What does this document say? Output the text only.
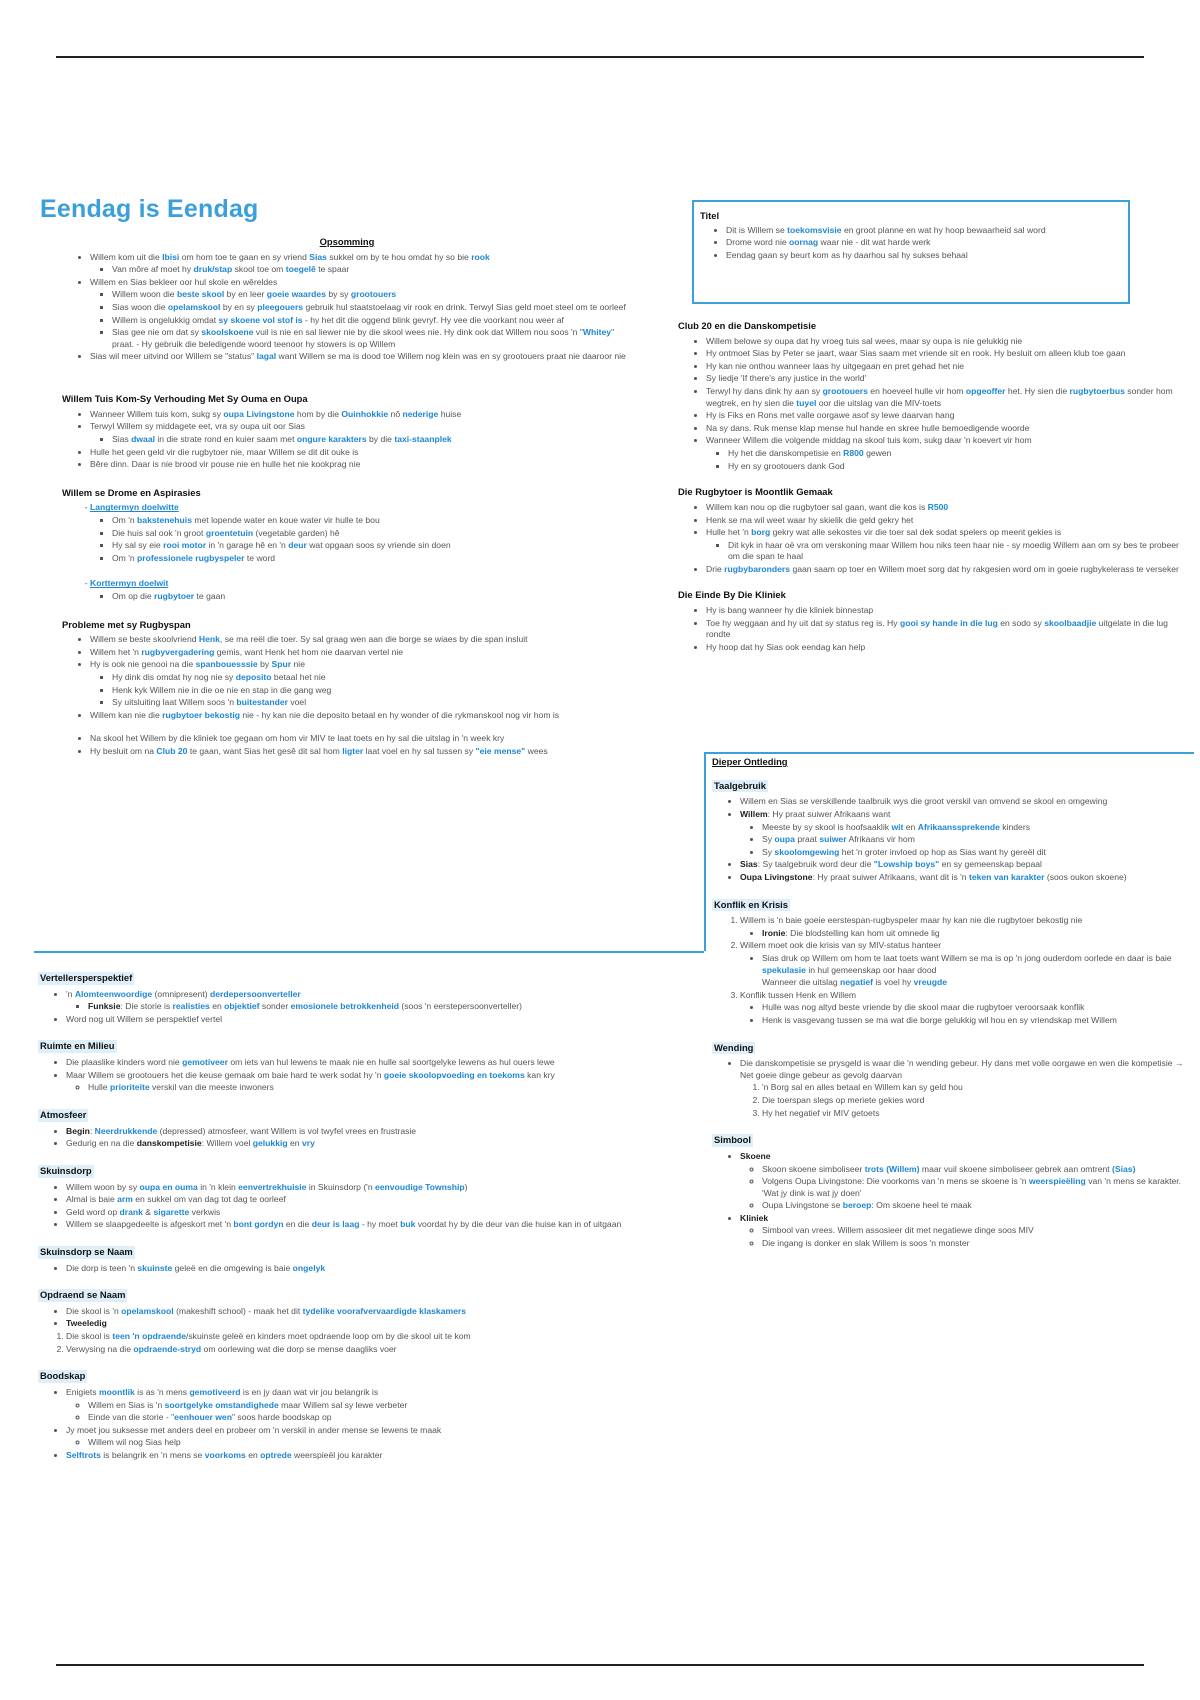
Eendag is Eendag
Opsomming
• Willem kom uit die Ibisi om hom toe te gaan en sy vriend Sias sukkel om by te hou omdat hy so bie rook
▪ Van môre af moet hy druk/stap skool toe om toegelê te spaar
• Willem en Sias bekleer oor hul skole en wêreldes
▪ Willem woon die beste skool by en leer goeie waardes by sy grootouers
▪ Sias woon die opelamskool by en sy pleegouers gebruik hul staatstoelaag vir rook en drink. Terwyl Sias geld moet steel om te oorleef
▪ Willem is ongelukkig omdat sy skoene vol stof is - hy het dit die oggend blink gevryf. Hy vee die voorkant nou weer af
▪ Sias gee nie om dat sy skoolskoene vuil is nie en sal liewer nie by die skool wees nie. Hy dink ook dat Willem nou soos 'n "Whitey" praat. - Hy gebruik die beledigende woord teenoor hy stowers is op Willem
• Sias wil meer uitvind oor Willem se "status" lagal want Willem se ma is dood toe Willem nog klein was en sy grootouers praat nie daaroor nie
Willem Tuis Kom-Sy Verhouding Met Sy Ouma en Oupa
• Wanneer Willem tuis kom, sukg sy oupa Livingstone hom by die Ouinhokkie nô nederige huise
• Terwyl Willem sy middagete eet, vra sy oupa uit oor Sias
▪ Sias dwaal in die strate rond en kuier saam met ongure karakters by die taxi-staanplek
• Hulle het geen geld vir die rugbytoer nie, maar Willem se dit dit ouke is
• Bêre dinn. Daar is nie brood vir pouse nie en hulle het nie kookprag nie
Willem se Drome en Aspirasies
- Langtermyn doelwitte
▪ Om 'n bakstenehuis met lopende water en koue water vir hulle te bou
▪ Die huis sal ook 'n groot groentetuin (vegetable garden) hê
▪ Hy sal sy eie rooi motor in 'n garage hê en 'n deur wat opgaan soos sy vriende sin doen
▪ Om 'n professionele rugbyspeler te word
- Korttermyn doelwit
▪ Om op die rugbytoer te gaan
Probleme met sy Rugbyspan
• Willem se beste skoolvriend Henk, se ma reël die toer. Sy sal graag wen aan die borge se wiaes by die span insluit
• Willem het 'n rugbyvergadering gemis, want Henk het hom nie daarvan vertel nie
• Hy is ook nie genooi na die spanbouesssie by Spur nie
▪ Hy dink dis omdat hy nog nie sy deposito betaal het nie
▪ Henk kyk Willem nie in die oe nie en stap in die gang weg
▪ Sy uitsluiting laat Willem soos 'n buitestander voel
• Willem kan nie die rugbytoer bekostig nie - hy kan nie die deposito betaal en hy wonder of die rykmanskool nog vir hom is
• Na skool het Willem by die kliniek toe gegaan om hom vir MIV te laat toets en hy sal die uitslag in 'n week kry
• Hy besluit om na Club 20 te gaan, want Sias het gesê dit sal hom ligter laat voel en hy sal tussen sy "eie mense" wees
Titel
• Dit is Willem se toekomsvisie en groot planne en wat hy hoop bewaarheid sal word
• Drome word nie oornag waar nie - dit wat harde werk
• Eendag gaan sy beurt kom as hy daarhou sal hy sukses behaal
Club 20 en die Danskompetisie
• Willem belowe sy oupa dat hy vroeg tuis sal wees, maar sy oupa is nie gelukkig nie
• Hy ontmoet Sias by Peter se jaart, waar Sias saam met vriende sit en rook. Hy besluit om alleen klub toe gaan
• Hy kan nie onthou wanneer laas hy uitgegaan en pret gehad het nie
• Sy liedje 'If there's any justice in the world'
• Terwyl hy dans dink hy aan sy grootouers en hoeveel hulle vir hom opgeoffer het. Hy sien die rugbytoerbus sonder hom wegtrek, en hy sien die tuyel oor die uitslag van die MIV-toets
• Hy is Fiks en Rons met valle oorgawe asof sy lewe daarvan hang
• Na sy dans. Ruk mense klap mense hul hande en skree hulle bemoedigende woorde
• Wanneer Willem die volgende middag na skool tuis kom, sukg daar 'n koevert vir hom
▪ Hy het die danskompetisie en R800 gewen
▪ Hy en sy grootouers dank God
Die Rugbytoer is Moontlik Gemaak
• Willem kan nou op die rugbytoer sal gaan, want die kos is R500
• Henk se ma wil weet waar hy skielik die geld gekry het
• Hulle het 'n borg gekry wat alle sekostes vir die toer sal dek sodat spelers op meent gekies is
▪ Dit kyk in haar oë vra om verskoning maar Willem hou niks teen haar nie - sy moedig Willem aan om sy bes te probeer om die span te haal
• Drie rugbybaronders gaan saam op toer en Willem moet sorg dat hy rakgesien word om in goeie rugbykelerass te verseker
Die Einde By Die Kliniek
• Hy is bang wanneer hy die kliniek binnestap
• Toe hy weggaan and hy uit dat sy status reg is. Hy gooi sy hande in die lug en sodo sy skoolbaadjie uitgelate in die lug rondte
• Hy hoop dat hy Sias ook eendag kan help
Dieper Ontleding
Taalgebruik
• Willem en Sias se verskillende taalbruik wys die groot verskil van omvend se skool en omgewing
• Willem: Hy praat suiwer Afrikaans want
• Meeste by sy skool is hoofsaaklik wit en Afrikaanssprekende kinders
• Sy oupa praat suiwer Afrikaans vir hom
• Sy skoolomgewing het 'n groter invloed op hop as Sias want hy gereël dit
• Sias: Sy taalgebruik word deur die "Lowship boys" en sy gemeenskap bepaal
• Oupa Livingstone: Hy praat suiwer Afrikaans, want dit is 'n teken van karakter (soos oukon skoene)
Konflik en Krisis
1. Willem is 'n baie goeie eerstespan-rugbyspeler maar hy kan nie die rugbytoer bekostig nie
• Ironie: Die blodstelling kan hom uit omnede lig
2. Willem moet ook die krisis van sy MIV-status hanteer
• Sias druk op Willem om hom te laat toets want Willem se ma is op 'n jong ouderdom oorlede en daar is baie spekulasie in hul gemeenskap oor haar dood
Wanneer die uitslag negatief is voel hy vreugde
3. Konflik tussen Henk en Willem
• Hulle was nog altyd beste vriende by die skool maar die rugbytoer veroorsaak konflik
• Henk is vasgevang tussen se ma wat die borge gelukkig wil hou en sy vriendskap met Willem
Wending
• Die danskompetisie se prysgeld is waar die 'n wending gebeur. Hy dans met volle oorgawe en wen die kompetisie → Net goeie dinge gebeur as gevolg daarvan
1. 'n Borg sal en alles betaal en Willem kan sy geld hou
2. Die toerspan slegs op meriete gekies word
3. Hy het negatief vir MIV getoets
Simbool
• Skoene
◦ Skoon skoene simboliseer trots (Willem) maar vuil skoene simboliseer gebrek aan omtrent (Sias)
◦ Volgens Oupa Livingstone: Die voorkoms van 'n mens se skoene is 'n weerspieëling van 'n mens se karakter. 'Wat jy dink is wat jy doen'
◦ Oupa Livingstone se beroep: Om skoene heel te maak
• Kliniek
◦ Simbool van vrees. Willem assosieer dit met negatiewe dinge soos MIV
◦ Die ingang is donker en slak Willem is soos 'n monster
Vertellersperspektief
• 'n Alomteenwoordige (omnipresent) derdepersoonverteller
▪ Funksie: Die storie is realisties en objektief sonder emosionele betrokkenheid (soos 'n eerstepersoonverteller)
• Word nog uit Willem se perspektief vertel
Ruimte en Milieu
• Die plaaslike kinders word nie gemotiveer om iets van hul lewens te maak nie en hulle sal soortgelyke lewens as hul ouers lewe
• Maar Willem se grootouers het die keuse gemaak om baie hard te werk sodat hy 'n goeie skoolopvoeding en toekoms kan kry
◦ Hulle prioriteite verskil van die meeste inwoners
Atmosfeer
• Begin: Neerdrukkende (depressed) atmosfeer, want Willem is vol twyfel vrees en frustrasie
• Gedurig en na die danskompetisie: Willem voel gelukkig en vry
Skuinsdorp
• Willem woon by sy oupa en ouma in 'n klein eenvertrekhuisie in Skuinsdorp ('n eenvoudige Township)
• Almal is baie arm en sukkel om van dag tot dag te oorleef
• Geld word op drank & sigarette verkwis
• Willem se slaapgedeelte is afgeskort met 'n bont gordyn en die deur is laag - hy moet buk voordat hy by die deur van die huise kan in of uitgaan
Skuinsdorp se Naam
• Die dorp is teen 'n skuinste geleë en die omgewing is baie ongelyk
Opdraend se Naam
• Die skool is 'n opelamskool (makeshift school) - maak het dit tydelike voorafvervaardigde klaskamers
• Tweeledig
1. Die skool is teen 'n opdraende/skuinste geleë en kinders moet opdraende loop om by die skool uit te kom
2. Verwysing na die opdraende-stryd om oorlewing wat die dorp se mense daagliks voer
Boodskap
• Enigiets moontlik is as 'n mens gemotiveerd is en jy daan wat vir jou belangrik is
◦ Willem en Sias is 'n soortgelyke omstandighede maar Willem sal sy lewe verbeter
◦ Einde van die storie - "eenhouer wen" soos harde boodskap op
• Jy moet jou suksesse met anders deel en probeer om 'n verskil in ander mense se lewens te maak
◦ Willem wil nog Sias help
• Selftrots is belangrik en 'n mens se voorkoms en optrede weerspieël jou karakter
